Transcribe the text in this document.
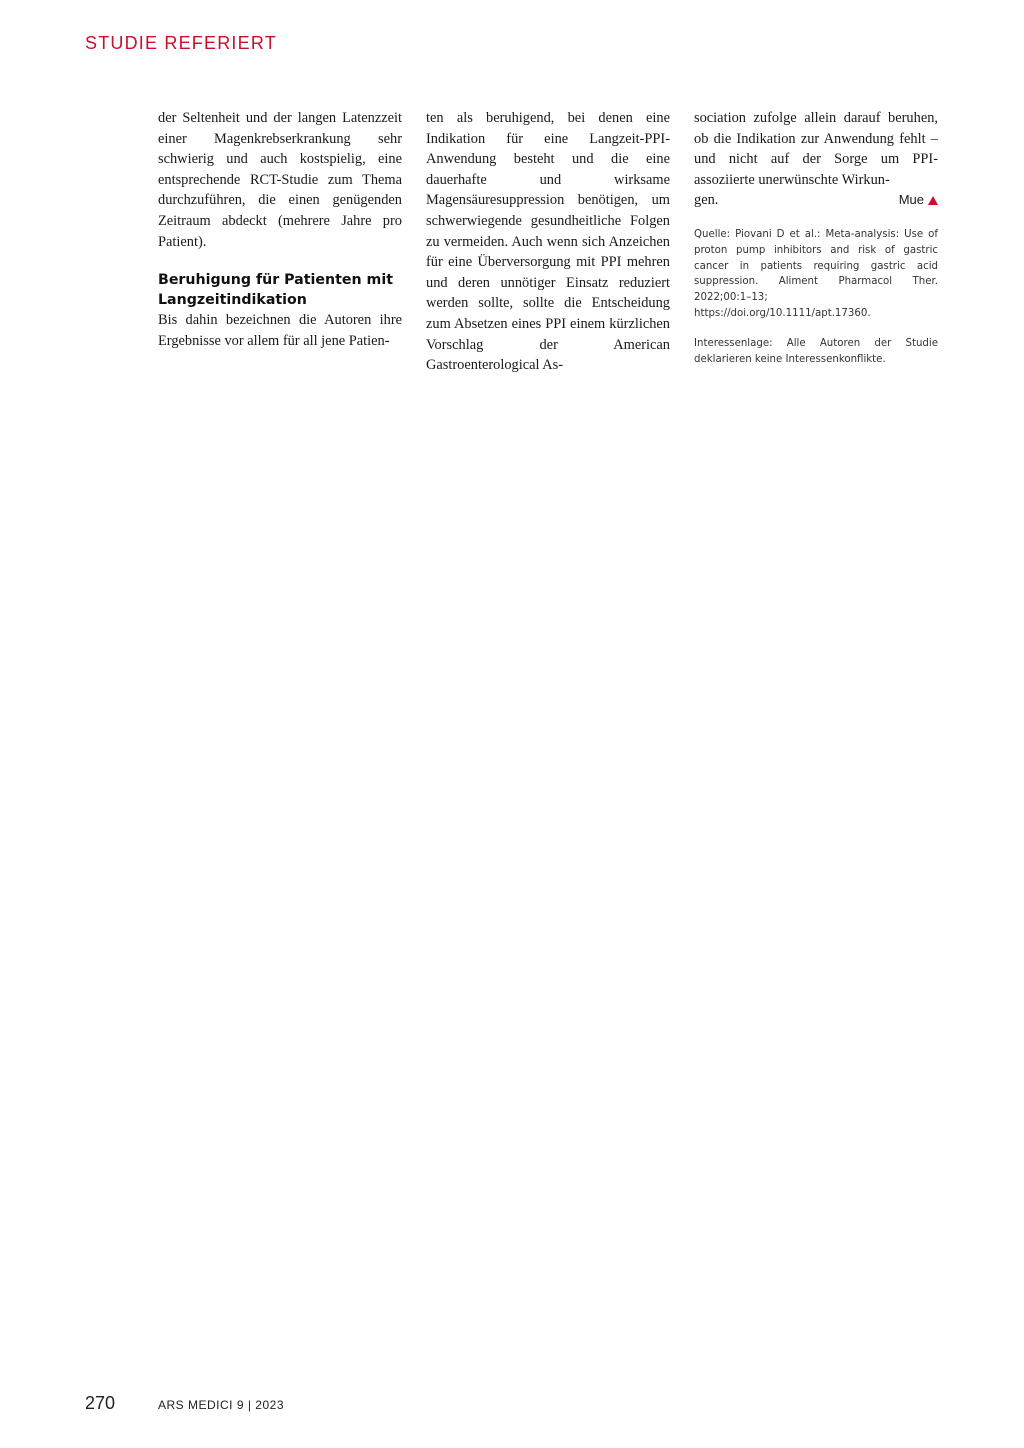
STUDIE REFERIERT

der Seltenheit und der langen Latenzzeit einer Magenkrebserkrankung sehr schwierig und auch kostspielig, eine entsprechende RCT-Studie zum Thema durchzuführen, die einen genügenden Zeitraum abdeckt (mehrere Jahre pro Patient).

Beruhigung für Patienten mit Langzeitindikation

Bis dahin bezeichnen die Autoren ihre Ergebnisse vor allem für all jene Patien-

ten als beruhigend, bei denen eine Indikation für eine Langzeit-PPI-Anwendung besteht und die eine dauerhafte und wirksame Magensäuresuppression benötigen, um schwerwiegende gesundheitliche Folgen zu vermeiden. Auch wenn sich Anzeichen für eine Überversorgung mit PPI mehren und deren unnötiger Einsatz reduziert werden sollte, sollte die Entscheidung zum Absetzen eines PPI einem kürzlichen Vorschlag der American Gastroenterological As-

sociation zufolge allein darauf beruhen, ob die Indikation zur Anwendung fehlt – und nicht auf der Sorge um PPI-assoziierte unerwünschte Wirkun-

gen.	Mue

Quelle: Piovani D et al.: Meta-analysis: Use of proton pump inhibitors and risk of gastric cancer in patients requiring gastric acid suppression. Aliment Pharmacol Ther. 2022;00:1–13; https://doi.org/10.1111/apt.17360.

Interessenlage: Alle Autoren der Studie deklarieren keine Interessenkonflikte.

270	ARS MEDICI 9 | 2023
